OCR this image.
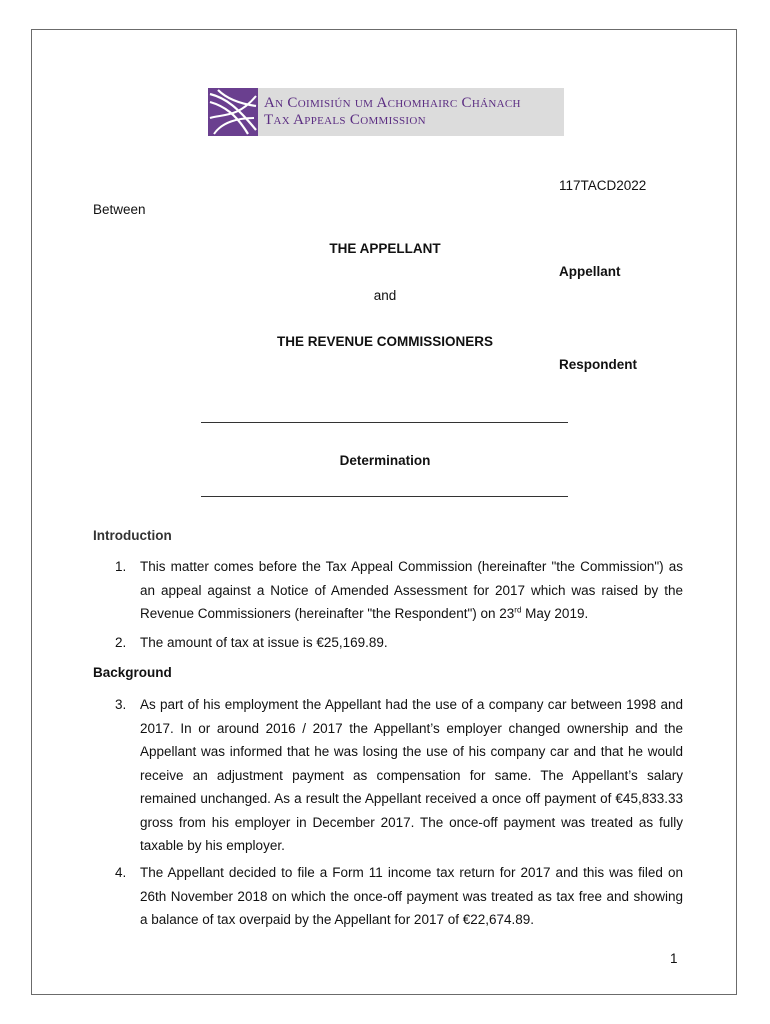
An Coimisiún um Achomhairc Chánach
Tax Appeals Commission
117TACD2022
Between
THE APPELLANT
Appellant
and
THE REVENUE COMMISSIONERS
Respondent
Determination
Introduction
1. This matter comes before the Tax Appeal Commission (hereinafter "the Commission") as an appeal against a Notice of Amended Assessment for 2017 which was raised by the Revenue Commissioners (hereinafter "the Respondent") on 23rd May 2019.
2. The amount of tax at issue is €25,169.89.
Background
3. As part of his employment the Appellant had the use of a company car between 1998 and 2017. In or around 2016 / 2017 the Appellant’s employer changed ownership and the Appellant was informed that he was losing the use of his company car and that he would receive an adjustment payment as compensation for same. The Appellant’s salary remained unchanged. As a result the Appellant received a once off payment of €45,833.33 gross from his employer in December 2017. The once-off payment was treated as fully taxable by his employer.
4. The Appellant decided to file a Form 11 income tax return for 2017 and this was filed on 26th November 2018 on which the once-off payment was treated as tax free and showing a balance of tax overpaid by the Appellant for 2017 of €22,674.89.
1
